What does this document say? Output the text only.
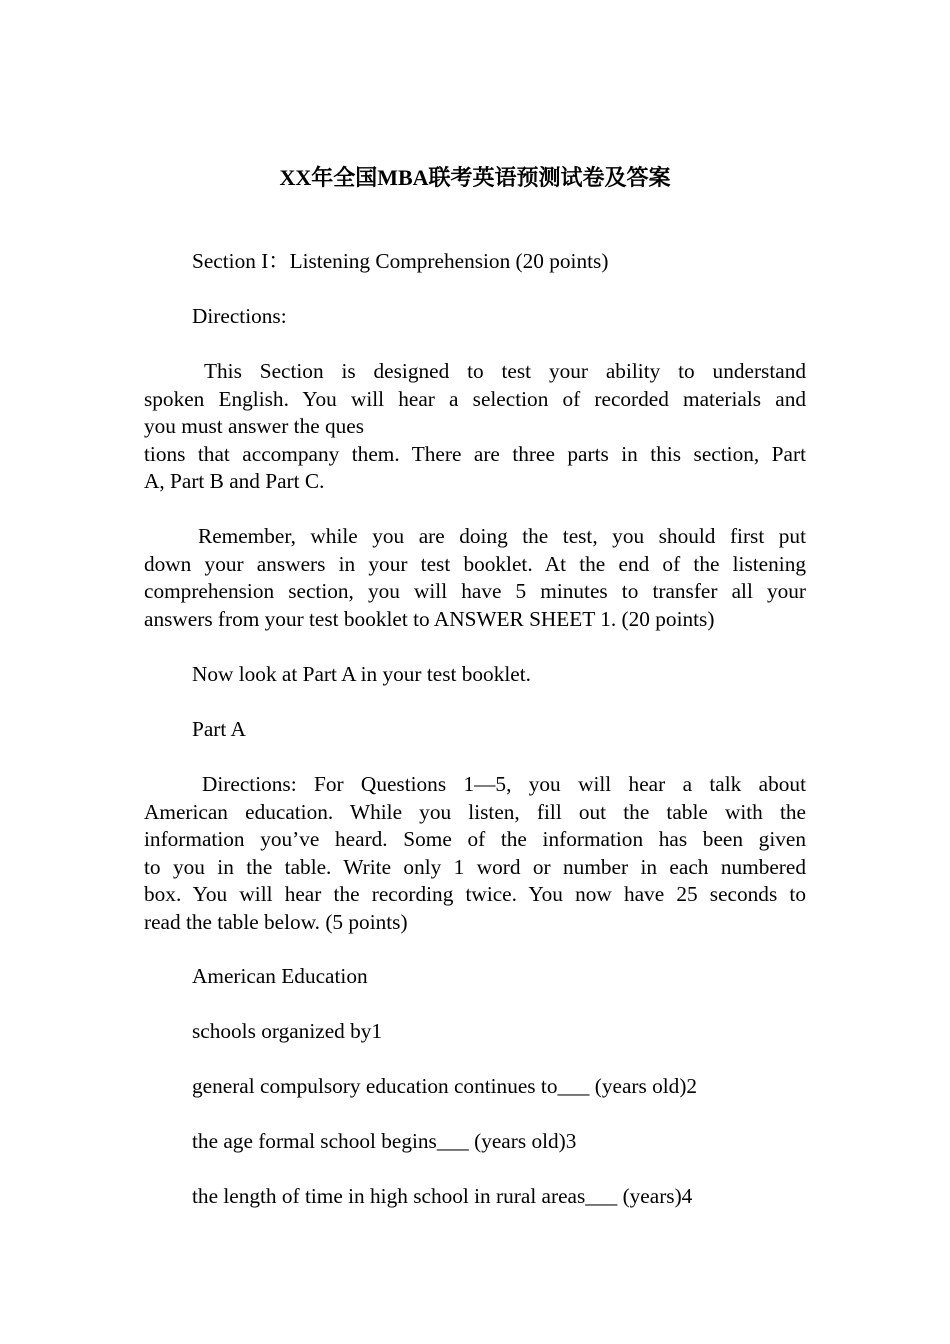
XX年全国MBA联考英语预测试卷及答案

Section I：Listening Comprehension (20 points)

Directions:

This Section is designed to test your ability to understand
spoken English. You will hear a selection of recorded materials and
you must answer the ques
tions that accompany them. There are three parts in this section, Part
A, Part B and Part C.
Remember, while you are doing the test, you should first put
down your answers in your test booklet. At the end of the listening
comprehension section, you will have 5 minutes to transfer all your
answers from your test booklet to ANSWER SHEET 1. (20 points)

Now look at Part A in your test booklet.

Part A

Directions: For Questions 1—5, you will hear a talk about
American education. While you listen, fill out the table with the
information you’ve heard. Some of the information has been given
to you in the table. Write only 1 word or number in each numbered
box. You will hear the recording twice. You now have 25 seconds to
read the table below. (5 points)

American Education

schools organized by1

general compulsory education continues to___ (years old)2

the age formal school begins___ (years old)3

the length of time in high school in rural areas___ (years)4
